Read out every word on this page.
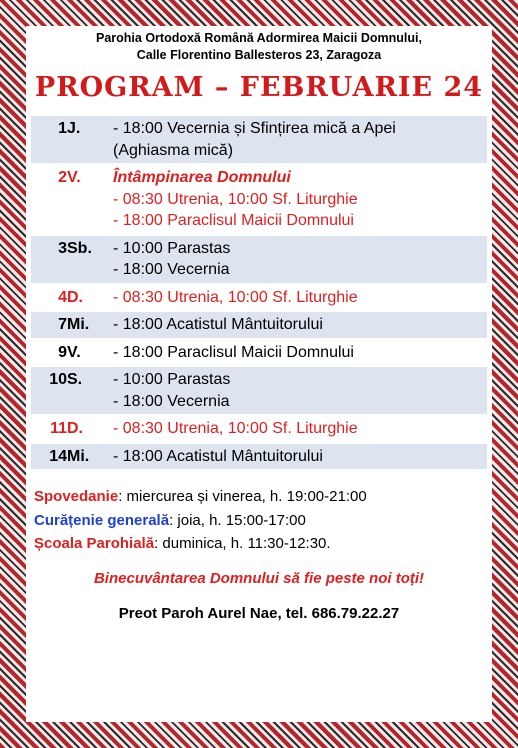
Parohia Ortodoxă Română Adormirea Maicii Domnului,
Calle Florentino Ballesteros 23, Zaragoza
PROGRAM – FEBRUARIE 24
1	J.	- 18:00 Vecernia și Sfințirea mică a Apei
(Aghiasma mică)

2	V.	Întâmpinarea Domnului
- 08:30 Utrenia, 10:00 Sf. Liturghie
- 18:00 Paraclisul Maicii Domnului

3	Sb.	- 10:00 Parastas
- 18:00 Vecernia

4	D.	- 08:30 Utrenia, 10:00 Sf. Liturghie

7	Mi.	- 18:00 Acatistul Mântuitorului

9	V.	- 18:00 Paraclisul Maicii Domnului

10	S.	- 10:00 Parastas
- 18:00 Vecernia

11	D.	- 08:30 Utrenia, 10:00 Sf. Liturghie

14	Mi.	- 18:00 Acatistul Mântuitorului
Spovedanie: miercurea și vinerea, h. 19:00-21:00
Curățenie generală: joia, h. 15:00-17:00
Școala Parohială: duminica, h. 11:30-12:30.
Binecuvântarea Domnului să fie peste noi toți!
Preot Paroh Aurel Nae, tel. 686.79.22.27
